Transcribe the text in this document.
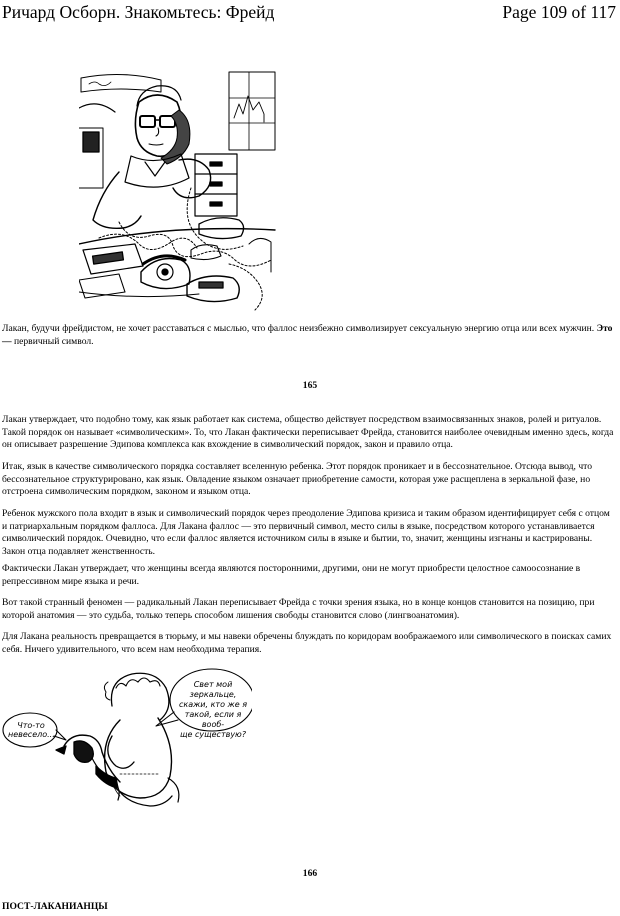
Ричард Осборн. Знакомьтесь: Фрейд	Page 109 of 117

Лакан, будучи фрейдистом, не хочет расставаться с мыслью, что фаллос неизбежно символизирует сексуальную энергию отца или всех мужчин. Это— первичный символ.

165

Лакан утверждает, что подобно тому, как язык работает как система, общество действует посредством взаимосвязанных знаков, ролей и ритуалов. Такой порядок он называет «символическим». То, что Лакан фактически переписывает Фрейда, становится наиболее очевидным именно здесь, когда он описывает разрешение Эдипова комплекса как вхождение в символический порядок, закон и правило отца.

Итак, язык в качестве символического порядка составляет вселенную ребенка. Этот порядок проникает и в бессознательное. Отсюда вывод, что бессознательное структурировано, как язык. Овладение языком означает приобретение самости, которая уже расщеплена в зеркальной фазе, но отстроена символическим порядком, законом и языком отца.

Ребенок мужского пола входит в язык и символический порядок через преодоление Эдипова кризиса и таким образом идентифицирует себя с отцом и патриархальным порядком фаллоса. Для Лакана фаллос — это первичный символ, место силы в языке, посредством которого устанавливается символический порядок. Очевидно, что если фаллос является источником силы в языке и бытии, то, значит, женщины изгнаны и кастрированы. Закон отца подавляет женственность.

Фактически Лакан утверждает, что женщины всегда являются посторонними, другими, они не могут приобрести целостное самоосознание в репрессивном мире языка и речи.

Вот такой странный феномен — радикальный Лакан переписывает Фрейда с точки зрения языка, но в конце концов становится на позицию, при которой анатомия — это судьба, только теперь способом лишения свободы становится слово (лингвоанатомия).

Для Лакана реальность превращается в тюрьму, и мы навеки обречены блуждать по коридорам воображаемого или символического в поисках самих себя. Ничего удивительного, что всем нам необходима терапия.

Что-то
невесело...
Свет мой зеркальце,
скажи, кто же я
такой, если я вооб-
ще существую?

166

ПОСТ-ЛАКАНИАНЦЫ
